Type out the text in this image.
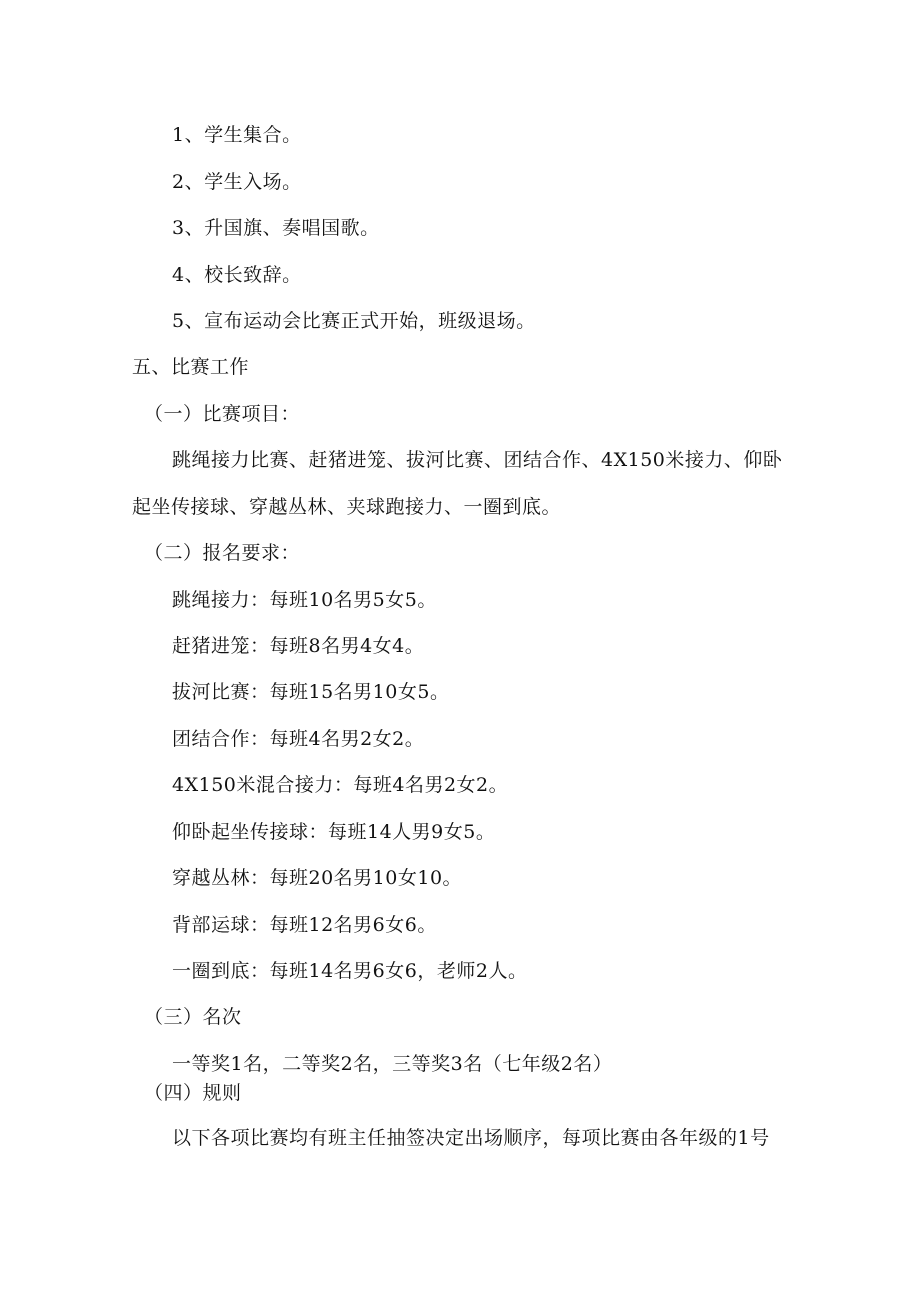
1、学生集合。
2、学生入场。
3、升国旗、奏唱国歌。
4、校长致辞。
5、宣布运动会比赛正式开始，班级退场。
五、比赛工作
（一）比赛项目：
跳绳接力比赛、赶猪进笼、拔河比赛、团结合作、4X150米接力、仰卧
起坐传接球、穿越丛林、夹球跑接力、一圈到底。
（二）报名要求：
跳绳接力：每班10名男5女5。
赶猪进笼：每班8名男4女4。
拔河比赛：每班15名男10女5。
团结合作：每班4名男2女2。
4X150米混合接力：每班4名男2女2。
仰卧起坐传接球：每班14人男9女5。
穿越丛林：每班20名男10女10。
背部运球：每班12名男6女6。
一圈到底：每班14名男6女6，老师2人。
（三）名次
一等奖1名，二等奖2名，三等奖3名（七年级2名）
（四）规则
以下各项比赛均有班主任抽签决定出场顺序，每项比赛由各年级的1号
